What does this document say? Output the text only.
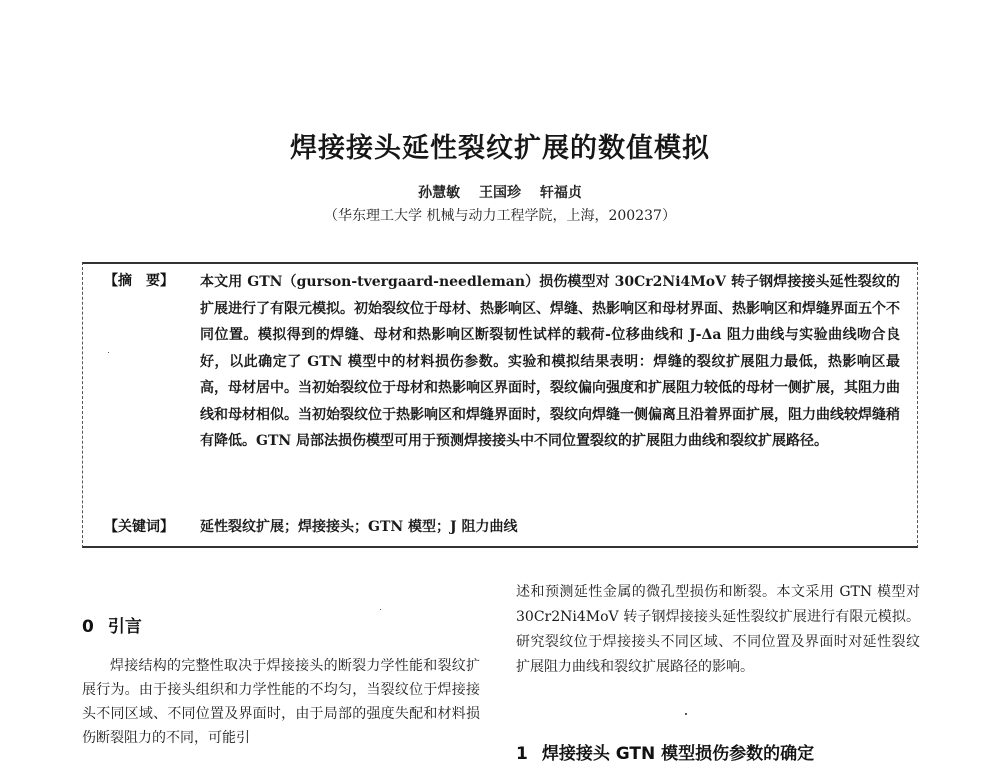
焊接接头延性裂纹扩展的数值模拟
孙慧敏 王国珍 轩福贞
（华东理工大学 机械与动力工程学院，上海，200237）
【摘　要】 本文用 GTN（gurson-tvergaard-needleman）损伤模型对 30Cr2Ni4MoV 转子钢焊接接头延性裂纹的扩展进行了有限元模拟。初始裂纹位于母材、热影响区、焊缝、热影响区和母材界面、热影响区和焊缝界面五个不同位置。模拟得到的焊缝、母材和热影响区断裂韧性试样的载荷-位移曲线和 J-Δa 阻力曲线与实验曲线吻合良好，以此确定了 GTN 模型中的材料损伤参数。实验和模拟结果表明：焊缝的裂纹扩展阻力最低，热影响区最高，母材居中。当初始裂纹位于母材和热影响区界面时，裂纹偏向强度和扩展阻力较低的母材一侧扩展，其阻力曲线和母材相似。当初始裂纹位于热影响区和焊缝界面时，裂纹向焊缝一侧偏离且沿着界面扩展，阻力曲线较焊缝稍有降低。GTN 局部法损伤模型可用于预测焊接接头中不同位置裂纹的扩展阻力曲线和裂纹扩展路径。
【关键词】 延性裂纹扩展；焊接接头；GTN 模型；J 阻力曲线
0 引言
焊接结构的完整性取决于焊接接头的断裂力学性能和裂纹扩展行为。由于接头组织和力学性能的不均匀，当裂纹位于焊接接头不同区域、不同位置及界面时，由于局部的强度失配和材料损伤断裂阻力的不同，可能引
述和预测延性金属的微孔型损伤和断裂。本文采用 GTN 模型对 30Cr2Ni4MoV 转子钢焊接接头延性裂纹扩展进行有限元模拟。研究裂纹位于焊接接头不同区域、不同位置及界面时对延性裂纹扩展阻力曲线和裂纹扩展路径的影响。
1 焊接接头 GTN 模型损伤参数的确定
